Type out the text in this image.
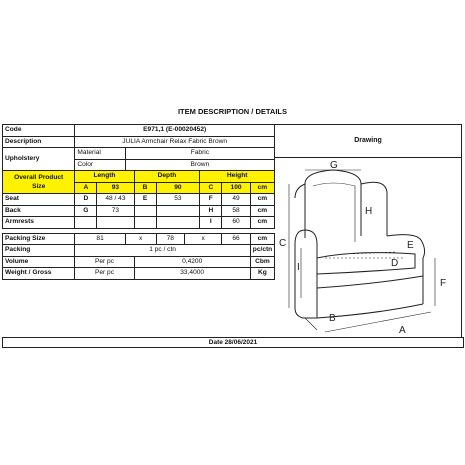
ITEM DESCRIPTION / DETAILS
Code	E971,1 (E-00020452)								
Description	JULIA Armchair Relax Fabric Brown								
Upholstery	Material		Fabric						
	Color		Brown						
Overall Product
Size	Length			Depth			Height		
	A	93		B	90		C	100	cm
Seat	D	48 / 43		E	53		F	49	cm
Back	G	73					H	58	cm
Armrests							I	60	cm

Packing Size	81		x		78	x		66	cm
Packing	1 pc / ctn								pc/ctn
Volume	Per pc			0,4200					Cbm
Weight / Gross	Per pc			33,4000					Kg
Drawing
G
H
C
I
E
D
F
B
A
Date 28/06/2021
